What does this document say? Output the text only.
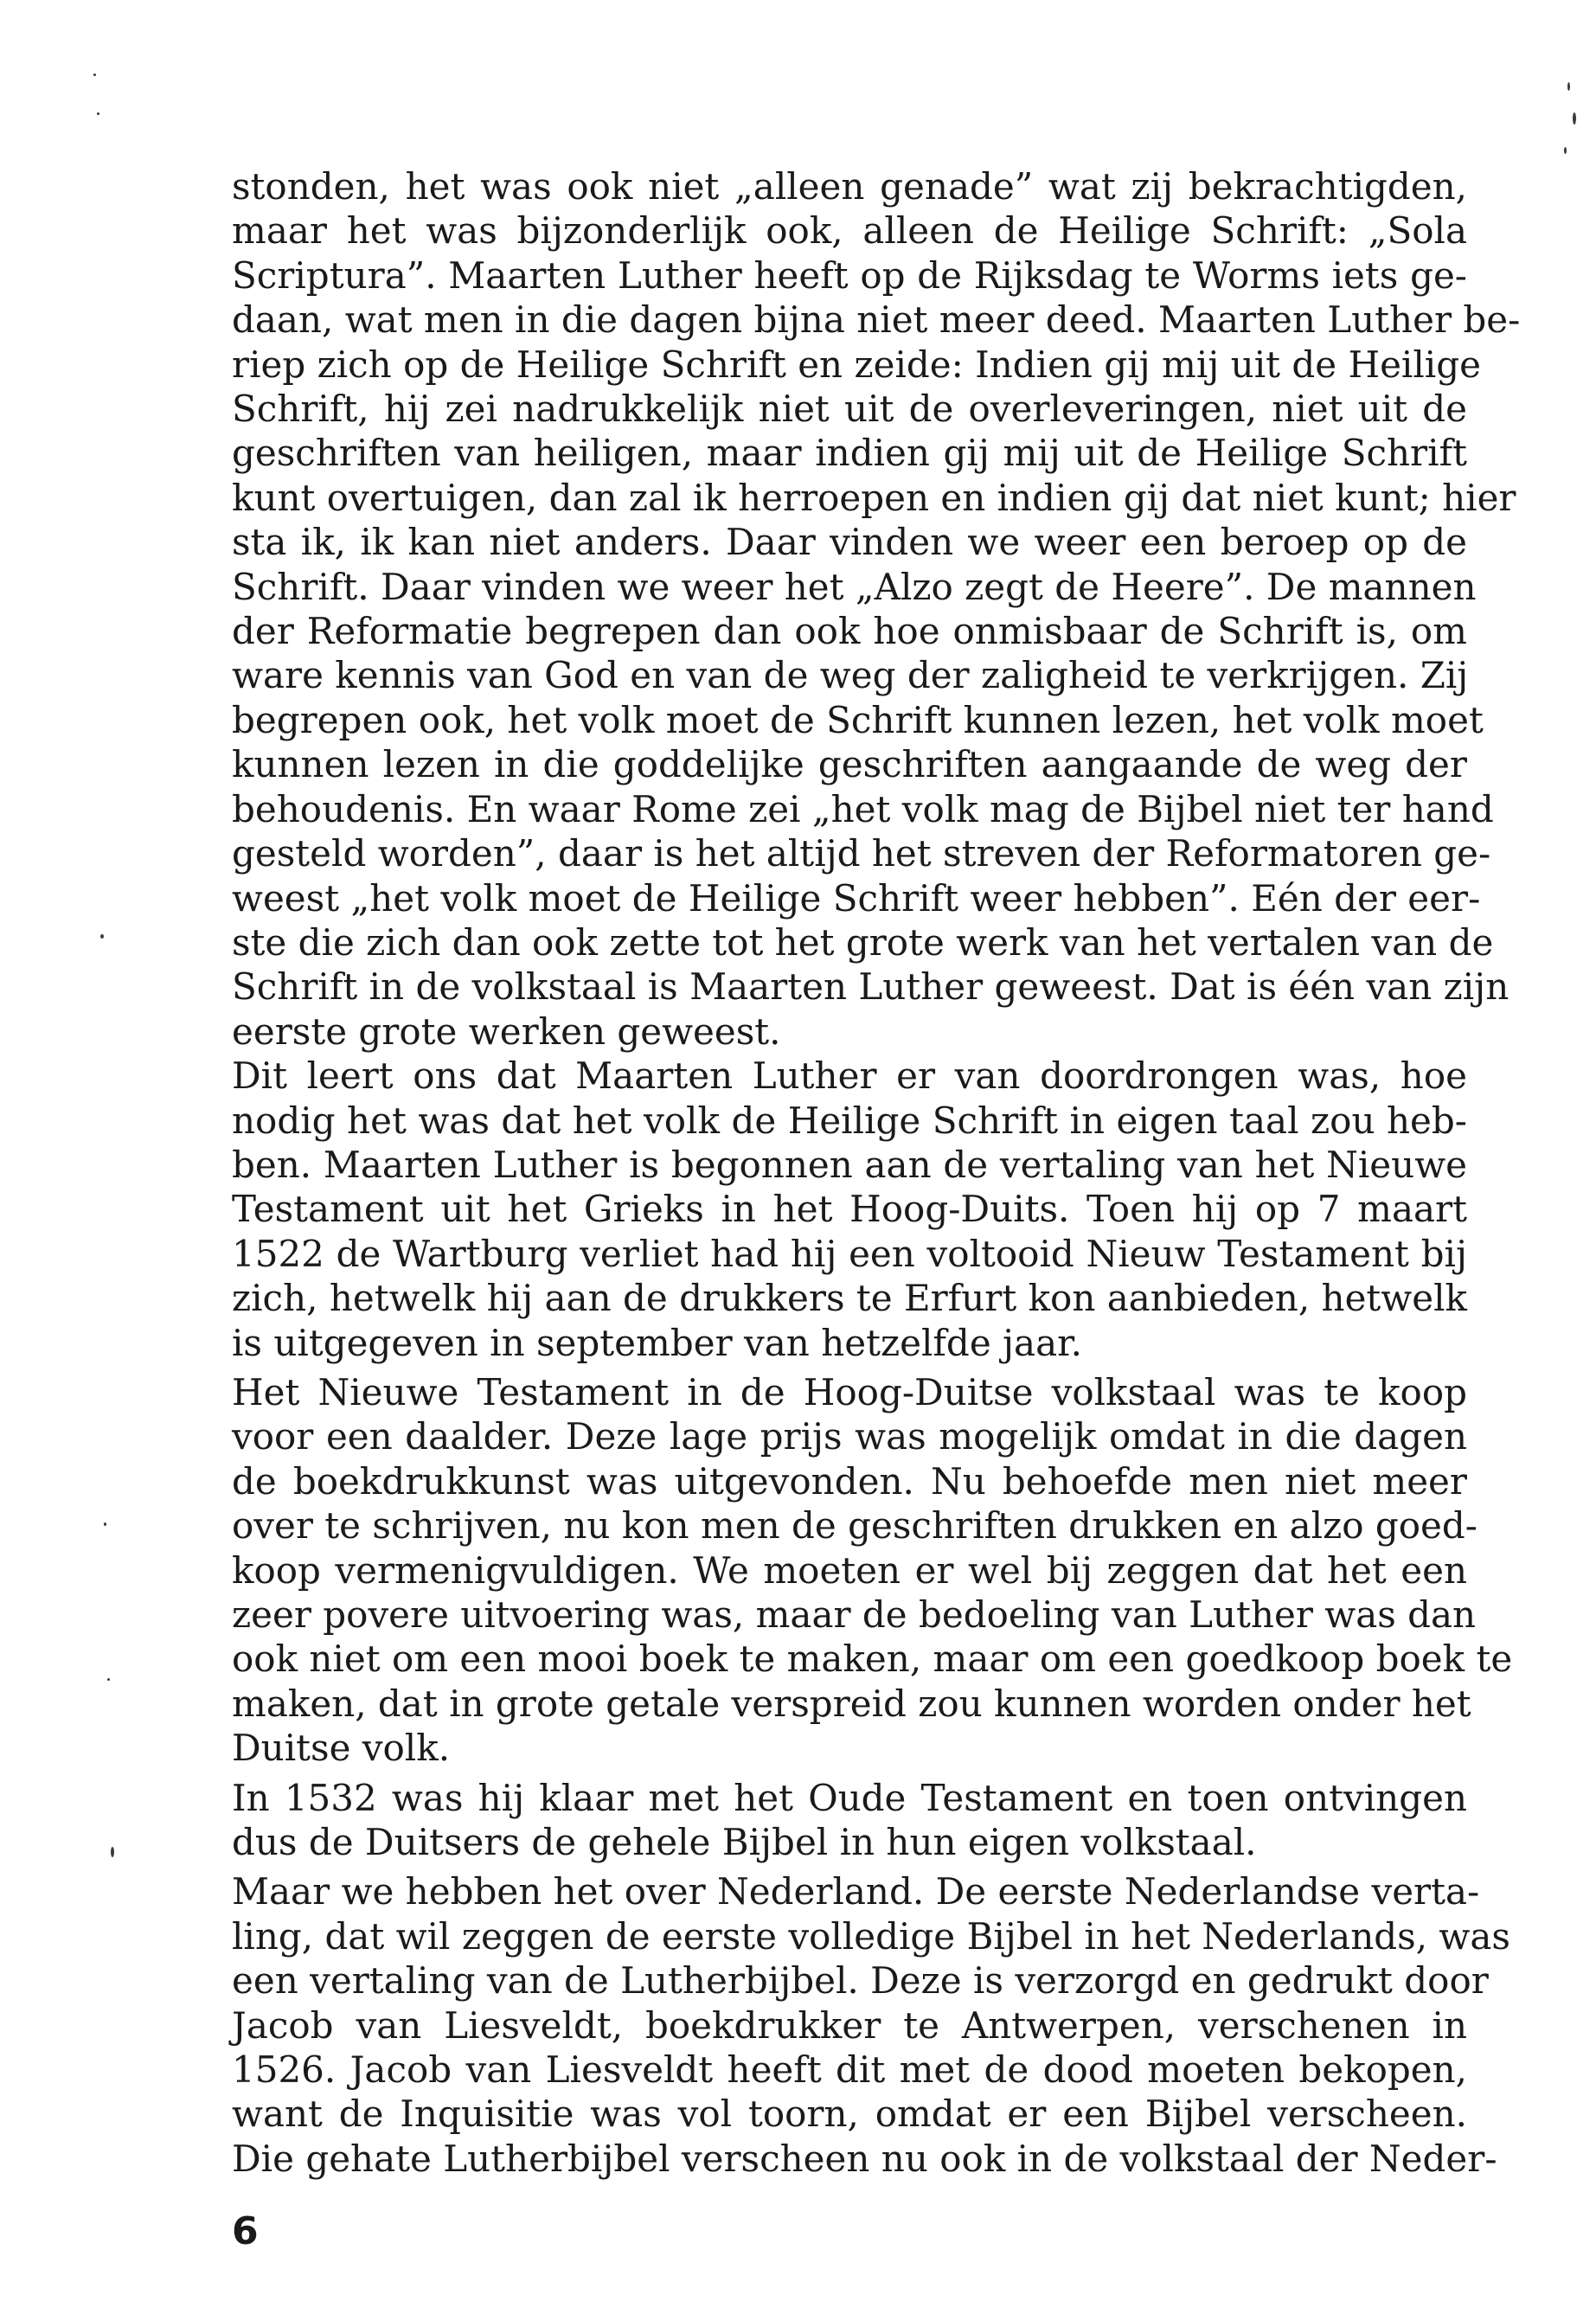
stonden, het was ook niet „alleen genade” wat zij bekrachtigden,
maar het was bijzonderlijk ook, alleen de Heilige Schrift: „Sola
Scriptura”. Maarten Luther heeft op de Rijksdag te Worms iets ge-
daan, wat men in die dagen bijna niet meer deed. Maarten Luther be-
riep zich op de Heilige Schrift en zeide: Indien gij mij uit de Heilige
Schrift, hij zei nadrukkelijk niet uit de overleveringen, niet uit de
geschriften van heiligen, maar indien gij mij uit de Heilige Schrift
kunt overtuigen, dan zal ik herroepen en indien gij dat niet kunt; hier
sta ik, ik kan niet anders. Daar vinden we weer een beroep op de
Schrift. Daar vinden we weer het „Alzo zegt de Heere”. De mannen
der Reformatie begrepen dan ook hoe onmisbaar de Schrift is, om
ware kennis van God en van de weg der zaligheid te verkrijgen. Zij
begrepen ook, het volk moet de Schrift kunnen lezen, het volk moet
kunnen lezen in die goddelijke geschriften aangaande de weg der
behoudenis. En waar Rome zei „het volk mag de Bijbel niet ter hand
gesteld worden”, daar is het altijd het streven der Reformatoren ge-
weest „het volk moet de Heilige Schrift weer hebben”. Eén der eer-
ste die zich dan ook zette tot het grote werk van het vertalen van de
Schrift in de volkstaal is Maarten Luther geweest. Dat is één van zijn
eerste grote werken geweest.
Dit leert ons dat Maarten Luther er van doordrongen was, hoe
nodig het was dat het volk de Heilige Schrift in eigen taal zou heb-
ben. Maarten Luther is begonnen aan de vertaling van het Nieuwe
Testament uit het Grieks in het Hoog-Duits. Toen hij op 7 maart
1522 de Wartburg verliet had hij een voltooid Nieuw Testament bij
zich, hetwelk hij aan de drukkers te Erfurt kon aanbieden, hetwelk
is uitgegeven in september van hetzelfde jaar.
Het Nieuwe Testament in de Hoog-Duitse volkstaal was te koop
voor een daalder. Deze lage prijs was mogelijk omdat in die dagen
de boekdrukkunst was uitgevonden. Nu behoefde men niet meer
over te schrijven, nu kon men de geschriften drukken en alzo goed-
koop vermenigvuldigen. We moeten er wel bij zeggen dat het een
zeer povere uitvoering was, maar de bedoeling van Luther was dan
ook niet om een mooi boek te maken, maar om een goedkoop boek te
maken, dat in grote getale verspreid zou kunnen worden onder het
Duitse volk.
In 1532 was hij klaar met het Oude Testament en toen ontvingen
dus de Duitsers de gehele Bijbel in hun eigen volkstaal.
Maar we hebben het over Nederland. De eerste Nederlandse verta-
ling, dat wil zeggen de eerste volledige Bijbel in het Nederlands, was
een vertaling van de Lutherbijbel. Deze is verzorgd en gedrukt door
Jacob van Liesveldt, boekdrukker te Antwerpen, verschenen in
1526. Jacob van Liesveldt heeft dit met de dood moeten bekopen,
want de Inquisitie was vol toorn, omdat er een Bijbel verscheen.
Die gehate Lutherbijbel verscheen nu ook in de volkstaal der Neder-
6
